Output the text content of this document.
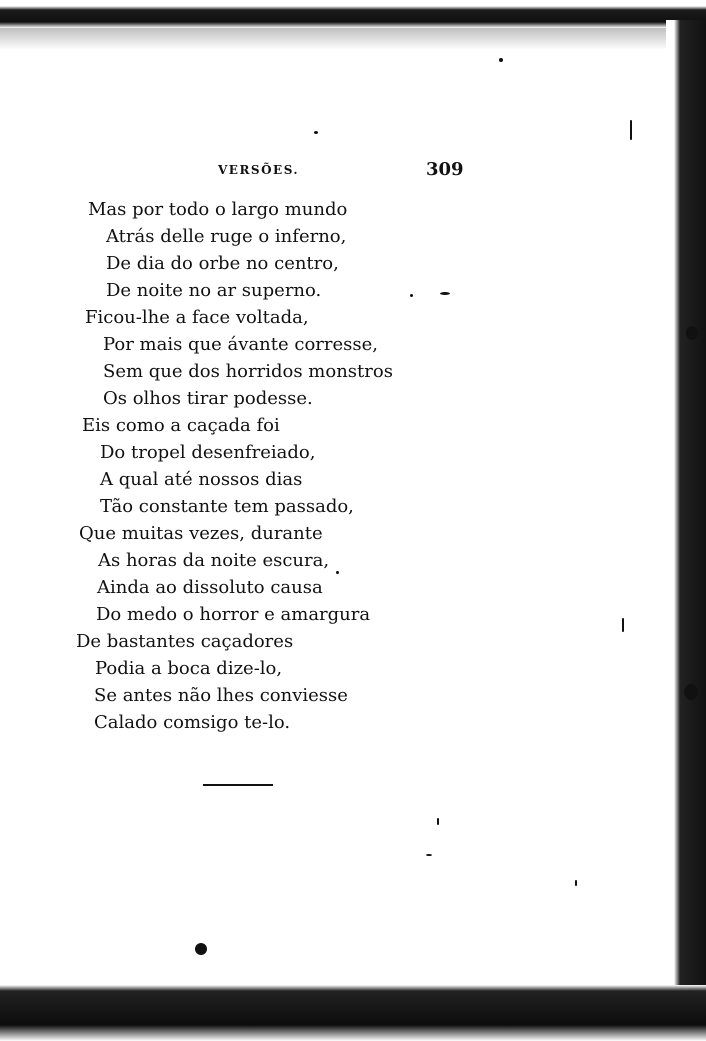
VERSÕES.	309
Mas por todo o largo mundo
Atrás delle ruge o inferno,
De dia do orbe no centro,
De noite no ar superno.
Ficou-lhe a face voltada,
Por mais que ávante corresse,
Sem que dos horridos monstros
Os olhos tirar podesse.
Eis como a caçada foi
Do tropel desenfreiado,
A qual até nossos dias
Tão constante tem passado,
Que muitas vezes, durante
As horas da noite escura,
Ainda ao dissoluto causa
Do medo o horror e amargura
De bastantes caçadores
Podia a boca dize-lo,
Se antes não lhes conviesse
Calado comsigo te-lo.
